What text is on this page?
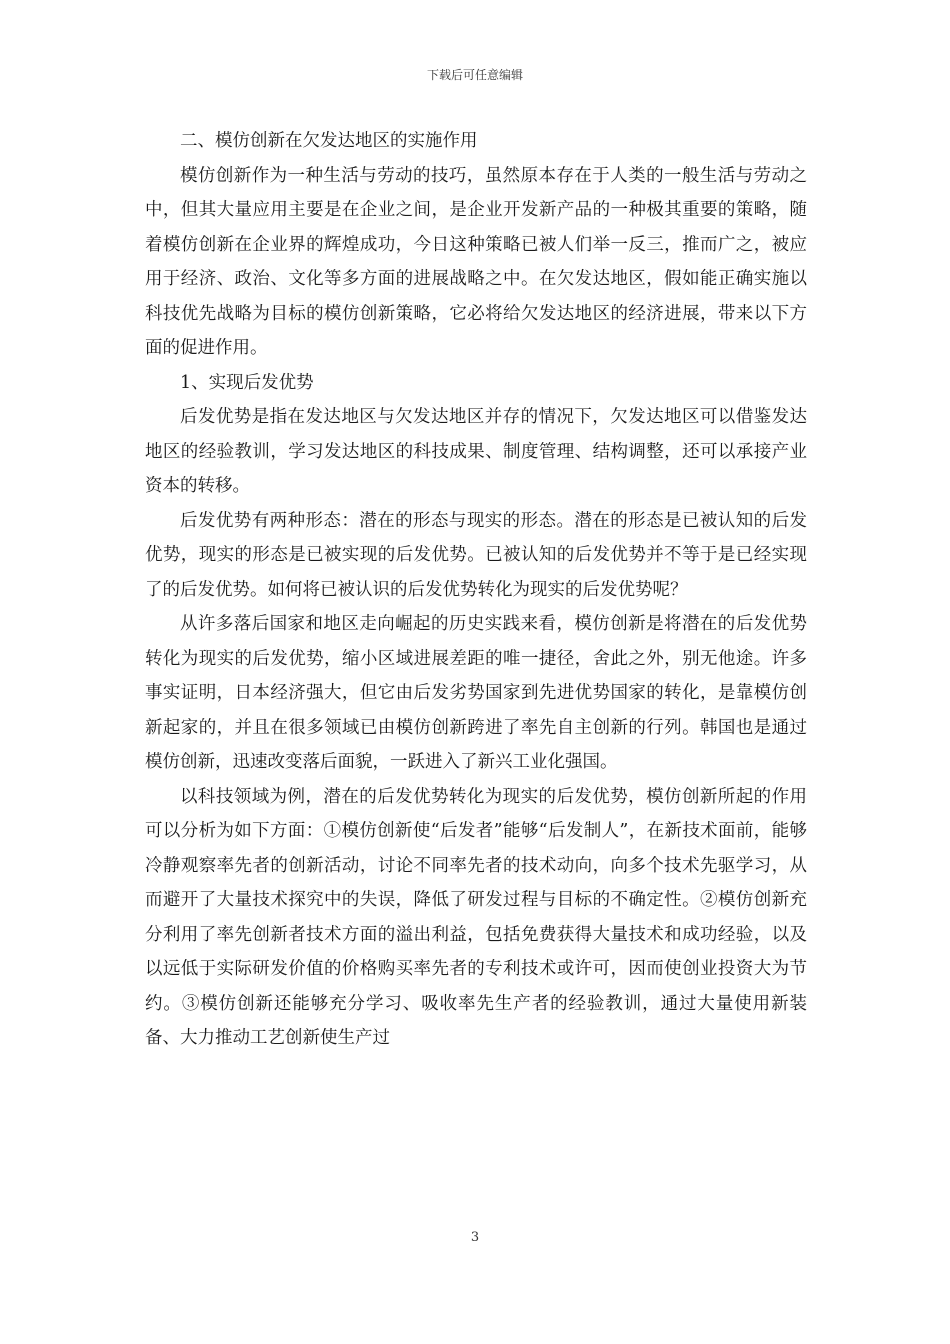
下载后可任意编辑

二、模仿创新在欠发达地区的实施作用

模仿创新作为一种生活与劳动的技巧，虽然原本存在于人类的一般生活与劳动之中，但其大量应用主要是在企业之间，是企业开发新产品的一种极其重要的策略，随着模仿创新在企业界的辉煌成功，今日这种策略已被人们举一反三，推而广之，被应用于经济、政治、文化等多方面的进展战略之中。在欠发达地区，假如能正确实施以科技优先战略为目标的模仿创新策略，它必将给欠发达地区的经济进展，带来以下方面的促进作用。

1、实现后发优势

后发优势是指在发达地区与欠发达地区并存的情况下，欠发达地区可以借鉴发达地区的经验教训，学习发达地区的科技成果、制度管理、结构调整，还可以承接产业资本的转移。

后发优势有两种形态：潜在的形态与现实的形态。潜在的形态是已被认知的后发优势，现实的形态是已被实现的后发优势。已被认知的后发优势并不等于是已经实现了的后发优势。如何将已被认识的后发优势转化为现实的后发优势呢？

从许多落后国家和地区走向崛起的历史实践来看，模仿创新是将潜在的后发优势转化为现实的后发优势，缩小区域进展差距的唯一捷径，舍此之外，别无他途。许多事实证明，日本经济强大，但它由后发劣势国家到先进优势国家的转化，是靠模仿创新起家的，并且在很多领域已由模仿创新跨进了率先自主创新的行列。韩国也是通过模仿创新，迅速改变落后面貌，一跃进入了新兴工业化强国。

以科技领域为例，潜在的后发优势转化为现实的后发优势，模仿创新所起的作用可以分析为如下方面：①模仿创新使“后发者”能够“后发制人”，在新技术面前，能够冷静观察率先者的创新活动，讨论不同率先者的技术动向，向多个技术先驱学习，从而避开了大量技术探究中的失误，降低了研发过程与目标的不确定性。②模仿创新充分利用了率先创新者技术方面的溢出利益，包括免费获得大量技术和成功经验，以及以远低于实际研发价值的价格购买率先者的专利技术或许可，因而使创业投资大为节约。③模仿创新还能够充分学习、吸收率先生产者的经验教训，通过大量使用新装备、大力推动工艺创新使生产过

3
